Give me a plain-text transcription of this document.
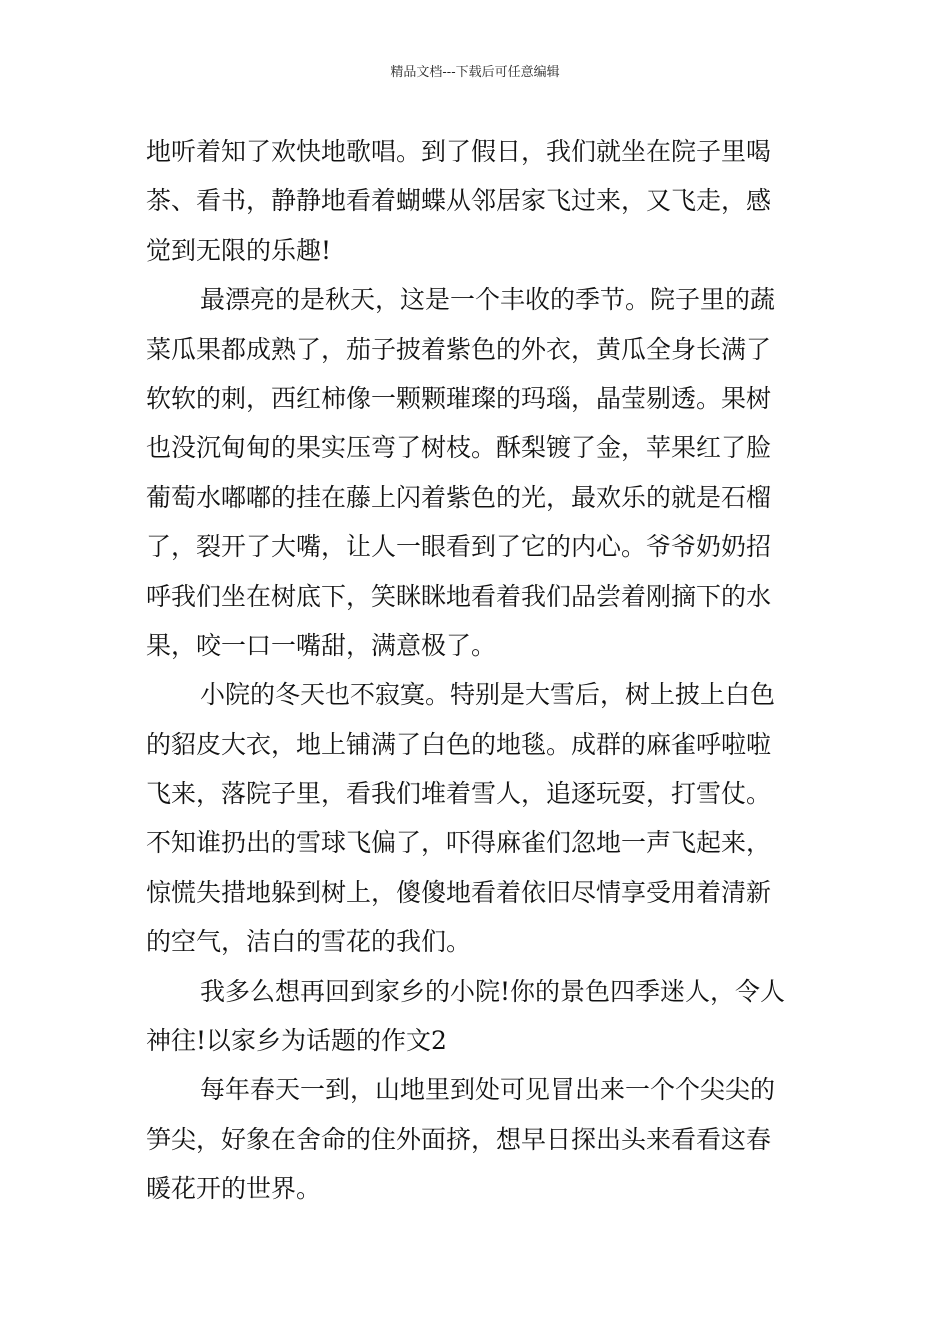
精品文档---下载后可任意编辑
地听着知了欢快地歌唱。到了假日，我们就坐在院子里喝
茶、看书，静静地看着蝴蝶从邻居家飞过来，又飞走，感
觉到无限的乐趣!
最漂亮的是秋天，这是一个丰收的季节。院子里的蔬
菜瓜果都成熟了，茄子披着紫色的外衣，黄瓜全身长满了
软软的刺，西红柿像一颗颗璀璨的玛瑙，晶莹剔透。果树
也没沉甸甸的果实压弯了树枝。酥梨镀了金，苹果红了脸
葡萄水嘟嘟的挂在藤上闪着紫色的光，最欢乐的就是石榴
了，裂开了大嘴，让人一眼看到了它的内心。爷爷奶奶招
呼我们坐在树底下，笑眯眯地看着我们品尝着刚摘下的水
果，咬一口一嘴甜，满意极了。
小院的冬天也不寂寞。特别是大雪后，树上披上白色
的貂皮大衣，地上铺满了白色的地毯。成群的麻雀呼啦啦
飞来，落院子里，看我们堆着雪人，追逐玩耍，打雪仗。
不知谁扔出的雪球飞偏了，吓得麻雀们忽地一声飞起来，
惊慌失措地躲到树上，傻傻地看着依旧尽情享受用着清新
的空气，洁白的雪花的我们。
我多么想再回到家乡的小院!你的景色四季迷人，令人
神往!以家乡为话题的作文2
每年春天一到，山地里到处可见冒出来一个个尖尖的
笋尖，好象在舍命的住外面挤，想早日探出头来看看这春
暖花开的世界。
